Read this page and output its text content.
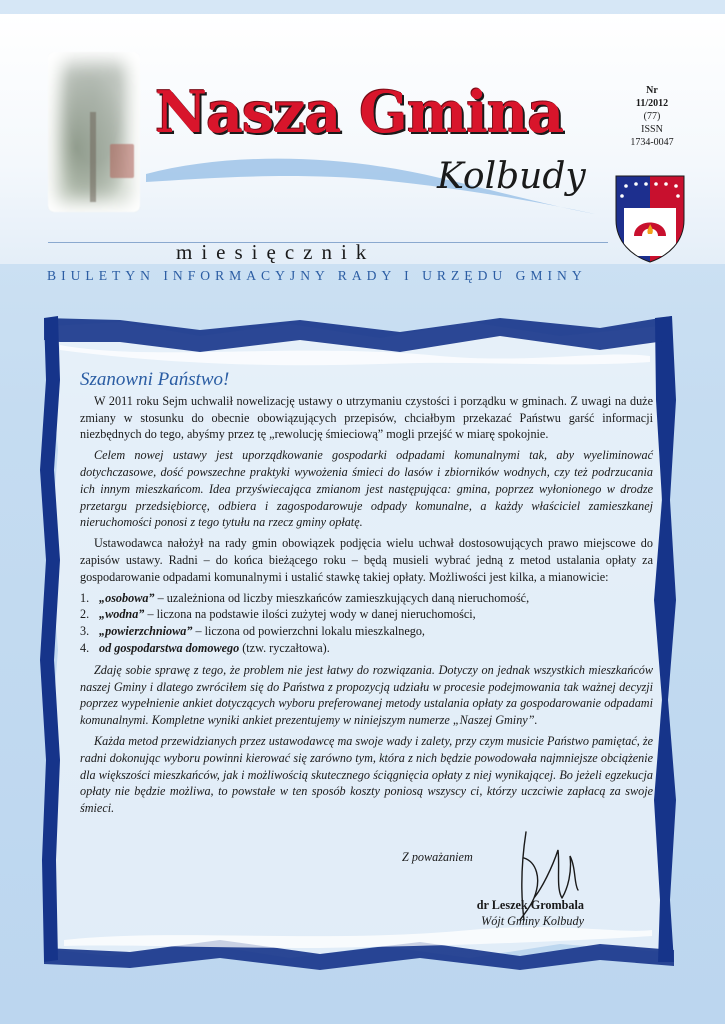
Nasza Gmina
Kolbudy
miesięcznik
BIULETYN INFORMACYJNY RADY I URZĘDU GMINY
Nr
11/2012
(77)
ISSN
1734-0047
Szanowni Państwo!

W 2011 roku Sejm uchwalił nowelizację ustawy o utrzymaniu czystości i porządku w gminach. Z uwagi na duże zmiany w stosunku do obecnie obowiązujących przepisów, chciałbym przekazać Państwu garść informacji niezbędnych do tego, abyśmy przez tę „rewolucję śmieciową” mogli przejść w miarę spokojnie.

Celem nowej ustawy jest uporządkowanie gospodarki odpadami komunalnymi tak, aby wyeliminować dotychczasowe, dość powszechne praktyki wywożenia śmieci do lasów i zbiorników wodnych, czy też podrzucania ich innym mieszkańcom. Idea przyświecająca zmianom jest następująca: gmina, poprzez wyłonionego w drodze przetargu przedsiębiorcę, odbiera i zagospodarowuje odpady komunalne, a każdy właściciel zamieszkanej nieruchomości ponosi z tego tytułu na rzecz gminy opłatę.

Ustawodawca nałożył na rady gmin obowiązek podjęcia wielu uchwał dostosowujących prawo miejscowe do zapisów ustawy. Radni – do końca bieżącego roku – będą musieli wybrać jedną z metod ustalania opłaty za gospodarowanie odpadami komunalnymi i ustalić stawkę takiej opłaty. Możliwości jest kilka, a mianowicie:

1. „osobowa” – uzależniona od liczby mieszkańców zamieszkujących daną nieruchomość,
2. „wodna” – liczona na podstawie ilości zużytej wody w danej nieruchomości,
3. „powierzchniowa” – liczona od powierzchni lokalu mieszkalnego,
4. od gospodarstwa domowego (tzw. ryczałtowa).

Zdaję sobie sprawę z tego, że problem nie jest łatwy do rozwiązania. Dotyczy on jednak wszystkich mieszkańców naszej Gminy i dlatego zwróciłem się do Państwa z propozycją udziału w procesie podejmowania tak ważnej decyzji poprzez wypełnienie ankiet dotyczących wyboru preferowanej metody ustalania opłaty za gospodarowanie odpadami komunalnymi. Kompletne wyniki ankiet prezentujemy w niniejszym numerze „Naszej Gminy”.

Każda metod przewidzianych przez ustawodawcę ma swoje wady i zalety, przy czym musicie Państwo pamiętać, że radni dokonując wyboru powinni kierować się zarówno tym, która z nich będzie powodowała najmniejsze obciążenie dla większości mieszkańców, jak i możliwością skutecznego ściągnięcia opłaty z niej wynikającej. Bo jeżeli egzekucja opłaty nie będzie możliwa, to powstałe w ten sposób koszty poniosą wszyscy ci, którzy uczciwie zapłacą za swoje śmieci.

Z poważaniem
dr Leszek Grombala
Wójt Gminy Kolbudy
